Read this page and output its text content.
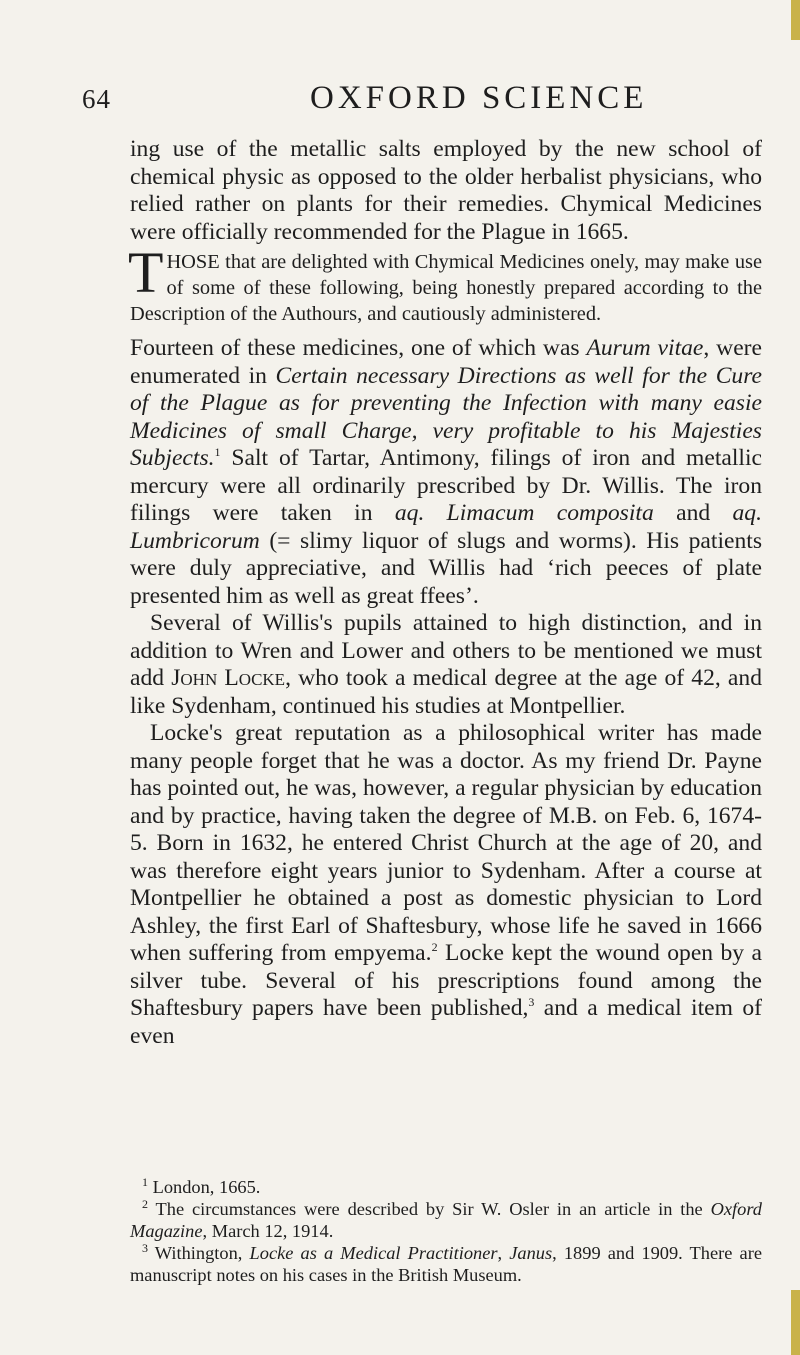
64	OXFORD SCIENCE

ing use of the metallic salts employed by the new school of chemical physic as opposed to the older herbalist physicians, who relied rather on plants for their remedies. Chymical Medicines were officially recommended for the Plague in 1665.

THOSE that are delighted with Chymical Medicines onely, may make use of some of these following, being honestly prepared according to the Description of the Authours, and cautiously administered.

Fourteen of these medicines, one of which was Aurum vitae, were enumerated in Certain necessary Directions as well for the Cure of the Plague as for preventing the Infection with many easie Medicines of small Charge, very profitable to his Majesties Subjects.$^1$ Salt of Tartar, Antimony, filings of iron and metallic mercury were all ordinarily prescribed by Dr. Willis. The iron filings were taken in aq. Limacum composita and aq. Lumbricorum (= slimy liquor of slugs and worms). His patients were duly appreciative, and Willis had ‘rich peeces of plate presented him as well as great ffees’.

Several of Willis's pupils attained to high distinction, and in addition to Wren and Lower and others to be mentioned we must add John Locke, who took a medical degree at the age of 42, and like Sydenham, continued his studies at Montpellier.

Locke's great reputation as a philosophical writer has made many people forget that he was a doctor. As my friend Dr. Payne has pointed out, he was, however, a regular physician by education and by practice, having taken the degree of M.B. on Feb. 6, 1674-5. Born in 1632, he entered Christ Church at the age of 20, and was therefore eight years junior to Sydenham. After a course at Montpellier he obtained a post as domestic physician to Lord Ashley, the first Earl of Shaftesbury, whose life he saved in 1666 when suffering from empyema.$^2$ Locke kept the wound open by a silver tube. Several of his prescriptions found among the Shaftesbury papers have been published,$^3$ and a medical item of even

$^1$ London, 1665.

$^2$ The circumstances were described by Sir W. Osler in an article in the Oxford Magazine, March 12, 1914.

$^3$ Withington, Locke as a Medical Practitioner, Janus, 1899 and 1909. There are manuscript notes on his cases in the British Museum.
